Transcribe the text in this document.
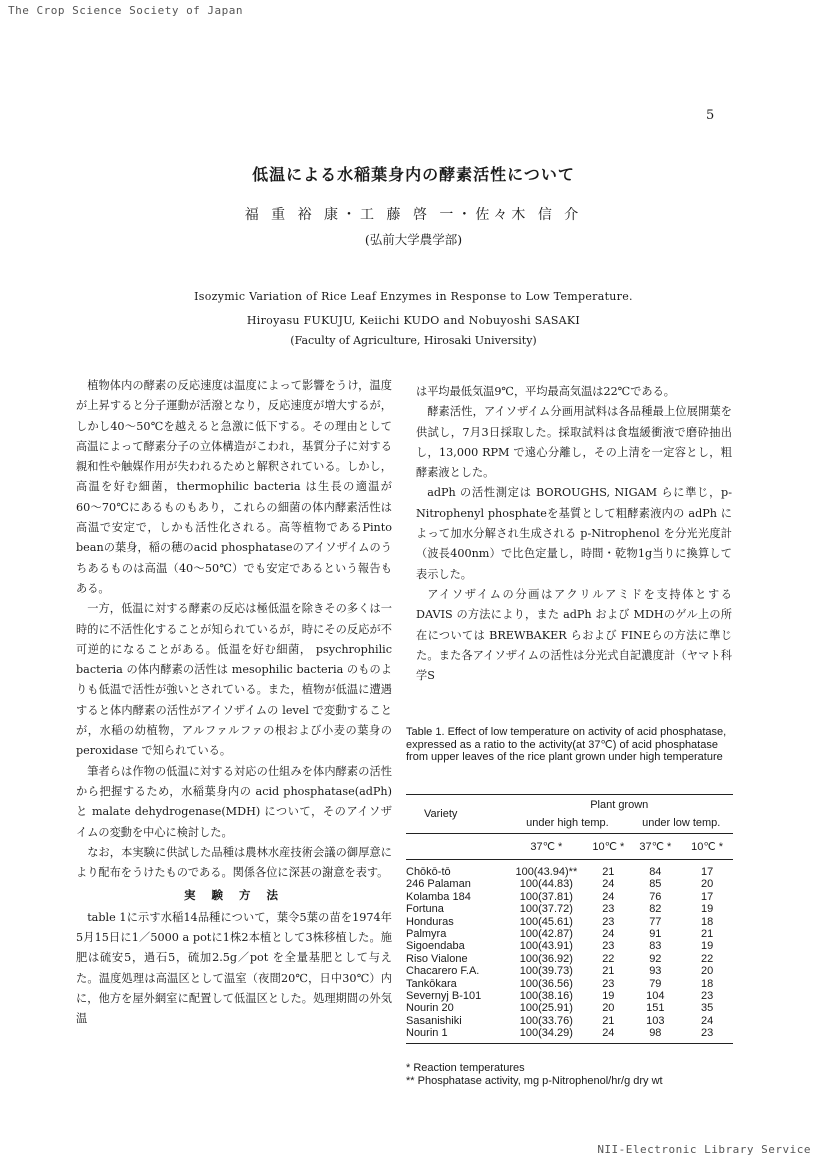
The Crop Science Society of Japan
5
低温による水稲葉身内の酵素活性について
福 重 裕 康・工 藤 啓 一・佐々木 信 介
(弘前大学農学部)
Isozymic Variation of Rice Leaf Enzymes in Response to Low Temperature.
Hiroyasu FUKUJU, Keiichi KUDO and Nobuyoshi SASAKI
(Faculty of Agriculture, Hirosaki University)

植物体内の酵素の反応速度は温度によって影響をうけ，温度が上昇すると分子運動が活潑となり，反応速度が増大するが，しかし40〜50℃を越えると急激に低下する。その理由として高温によって酵素分子の立体構造がこわれ，基質分子に対する親和性や触媒作用が失われるためと解釈されている。しかし，高温を好む細菌，thermophilic bacteria は生長の適温が60〜70℃にあるものもあり，これらの細菌の体内酵素活性は高温で安定で，しかも活性化される。高等植物であるPinto beanの葉身，稲の穂のacid phosphataseのアイソザイムのうちあるものは高温（40〜50℃）でも安定であるという報告もある。

一方，低温に対する酵素の反応は極低温を除きその多くは一時的に不活性化することが知られているが，時にその反応が不可逆的になることがある。低温を好む細菌， psychrophilic bacteria の体内酵素の活性は mesophilic bacteria のものよりも低温で活性が強いとされている。また，植物が低温に遭遇すると体内酵素の活性がアイソザイムの level で変動することが，水稲の幼植物，アルファルファの根および小麦の葉身の peroxidase で知られている。

筆者らは作物の低温に対する対応の仕組みを体内酵素の活性から把握するため，水稲葉身内の acid phosphatase(adPh) と malate dehydrogenase(MDH) について，そのアイソザイムの変動を中心に検討した。

なお，本実験に供試した品種は農林水産技術会議の御厚意により配布をうけたものである。関係各位に深甚の謝意を表す。

実 験 方 法

table 1に示す水稲14品種について，葉令5葉の苗を1974年5月15日に1／5000 a potに1株2本植として3株移植した。施肥は硫安5，過石5，硫加2.5g／pot を全量基肥として与えた。温度処理は高温区として温室（夜間20℃，日中30℃）内に，他方を屋外網室に配置して低温区とした。処理期間の外気温

は平均最低気温9℃，平均最高気温は22℃である。

酵素活性，アイソザイム分画用試料は各品種最上位展開葉を供試し，7月3日採取した。採取試料は食塩緩衝液で磨砕抽出し，13,000 RPM で遠心分離し，その上清を一定容とし，粗酵素液とした。

adPh の活性測定は BOROUGHS, NIGAM らに準じ，p- Nitrophenyl phosphateを基質として粗酵素液内の adPh によって加水分解され生成される p-Nitrophenol を分光光度計（波長400nm）で比色定量し，時間・乾物1g当りに換算して表示した。

アイソザイムの分画はアクリルアミドを支持体とする DAVIS の方法により，また adPh および MDHのゲル上の所在については BREWBAKER らおよび FINEらの方法に準じた。また各アイソザイムの活性は分光式自記濃度計（ヤマト科学S

Table 1. Effect of low temperature on activity of acid phosphatase, expressed as a ratio to the activity(at 37℃) of acid phosphatase from upper leaves of the rice plant grown under high temperature
Variety	Plant grown			
	under high temp.		under low temp.	
	37℃ *	10℃ *	37℃ *	10℃ *
Chōkō-tō	100(43.94)**	21	84	17
246 Palaman	100(44.83)	24	85	20
Kolamba 184	100(37.81)	24	76	17
Fortuna	100(37.72)	23	82	19
Honduras	100(45.61)	23	77	18
Palmyra	100(42.87)	24	91	21
Sigoendaba	100(43.91)	23	83	19
Riso Vialone	100(36.92)	22	92	22
Chacarero F.A.	100(39.73)	21	93	20
Tankōkara	100(36.56)	23	79	18
Severnyj B-101	100(38.16)	19	104	23
Nourin 20	100(25.91)	20	151	35
Sasanishiki	100(33.76)	21	103	24
Nourin 1	100(34.29)	24	98	23
* Reaction temperatures
** Phosphatase activity, mg p-Nitrophenol/hr/g dry wt
NII-Electronic Library Service
